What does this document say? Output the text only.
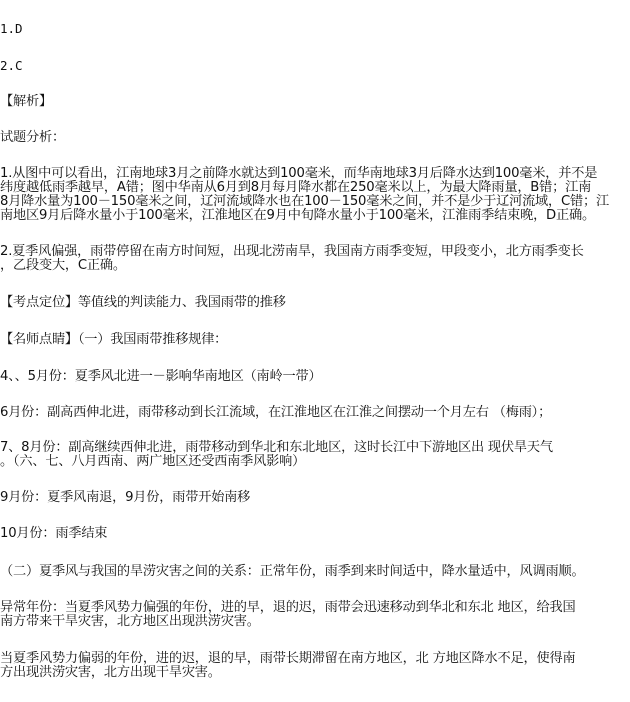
1.D
2.C
【解析】
试题分析：
1.从图中可以看出，江南地球3月之前降水就达到100毫米，而华南地球3月后降水达到100毫米，并不是
纬度越低雨季越早，A错；图中华南从6月到8月每月降水都在250毫米以上，为最大降雨量，B错；江南
8月降水量为100－150毫米之间，辽河流域降水也在100－150毫米之间，并不是少于辽河流域，C错；江
南地区9月后降水量小于100毫米，江淮地区在9月中旬降水量小于100毫米，江淮雨季结束晚，D正确。
2.夏季风偏强，雨带停留在南方时间短，出现北涝南旱，我国南方雨季变短，甲段变小，北方雨季变长
，乙段变大，C正确。
【考点定位】等值线的判读能力、我国雨带的推移
【名师点睛】（一）我国雨带推移规律：
4、、5月份：夏季风北进一－影响华南地区（南岭一带）
6月份：副高西伸北进，雨带移动到长江流域，在江淮地区在江淮之间摆动一个月左右 （梅雨）；
7、8月份：副高继续西伸北进，雨带移动到华北和东北地区，这时长江中下游地区出 现伏旱天气
。（六、七、八月西南、两广地区还受西南季风影响）
9月份：夏季风南退，9月份，雨带开始南移
10月份：雨季结束
（二）夏季风与我国的旱涝灾害之间的关系：正常年份，雨季到来时间适中，降水量适中，风调雨顺。
异常年份：当夏季风势力偏强的年份，进的早，退的迟，雨带会迅速移动到华北和东北 地区，给我国
南方带来干旱灾害，北方地区出现洪涝灾害。
当夏季风势力偏弱的年份，进的迟，退的早，雨带长期滞留在南方地区，北 方地区降水不足，使得南
方出现洪涝灾害，北方出现干旱灾害。
